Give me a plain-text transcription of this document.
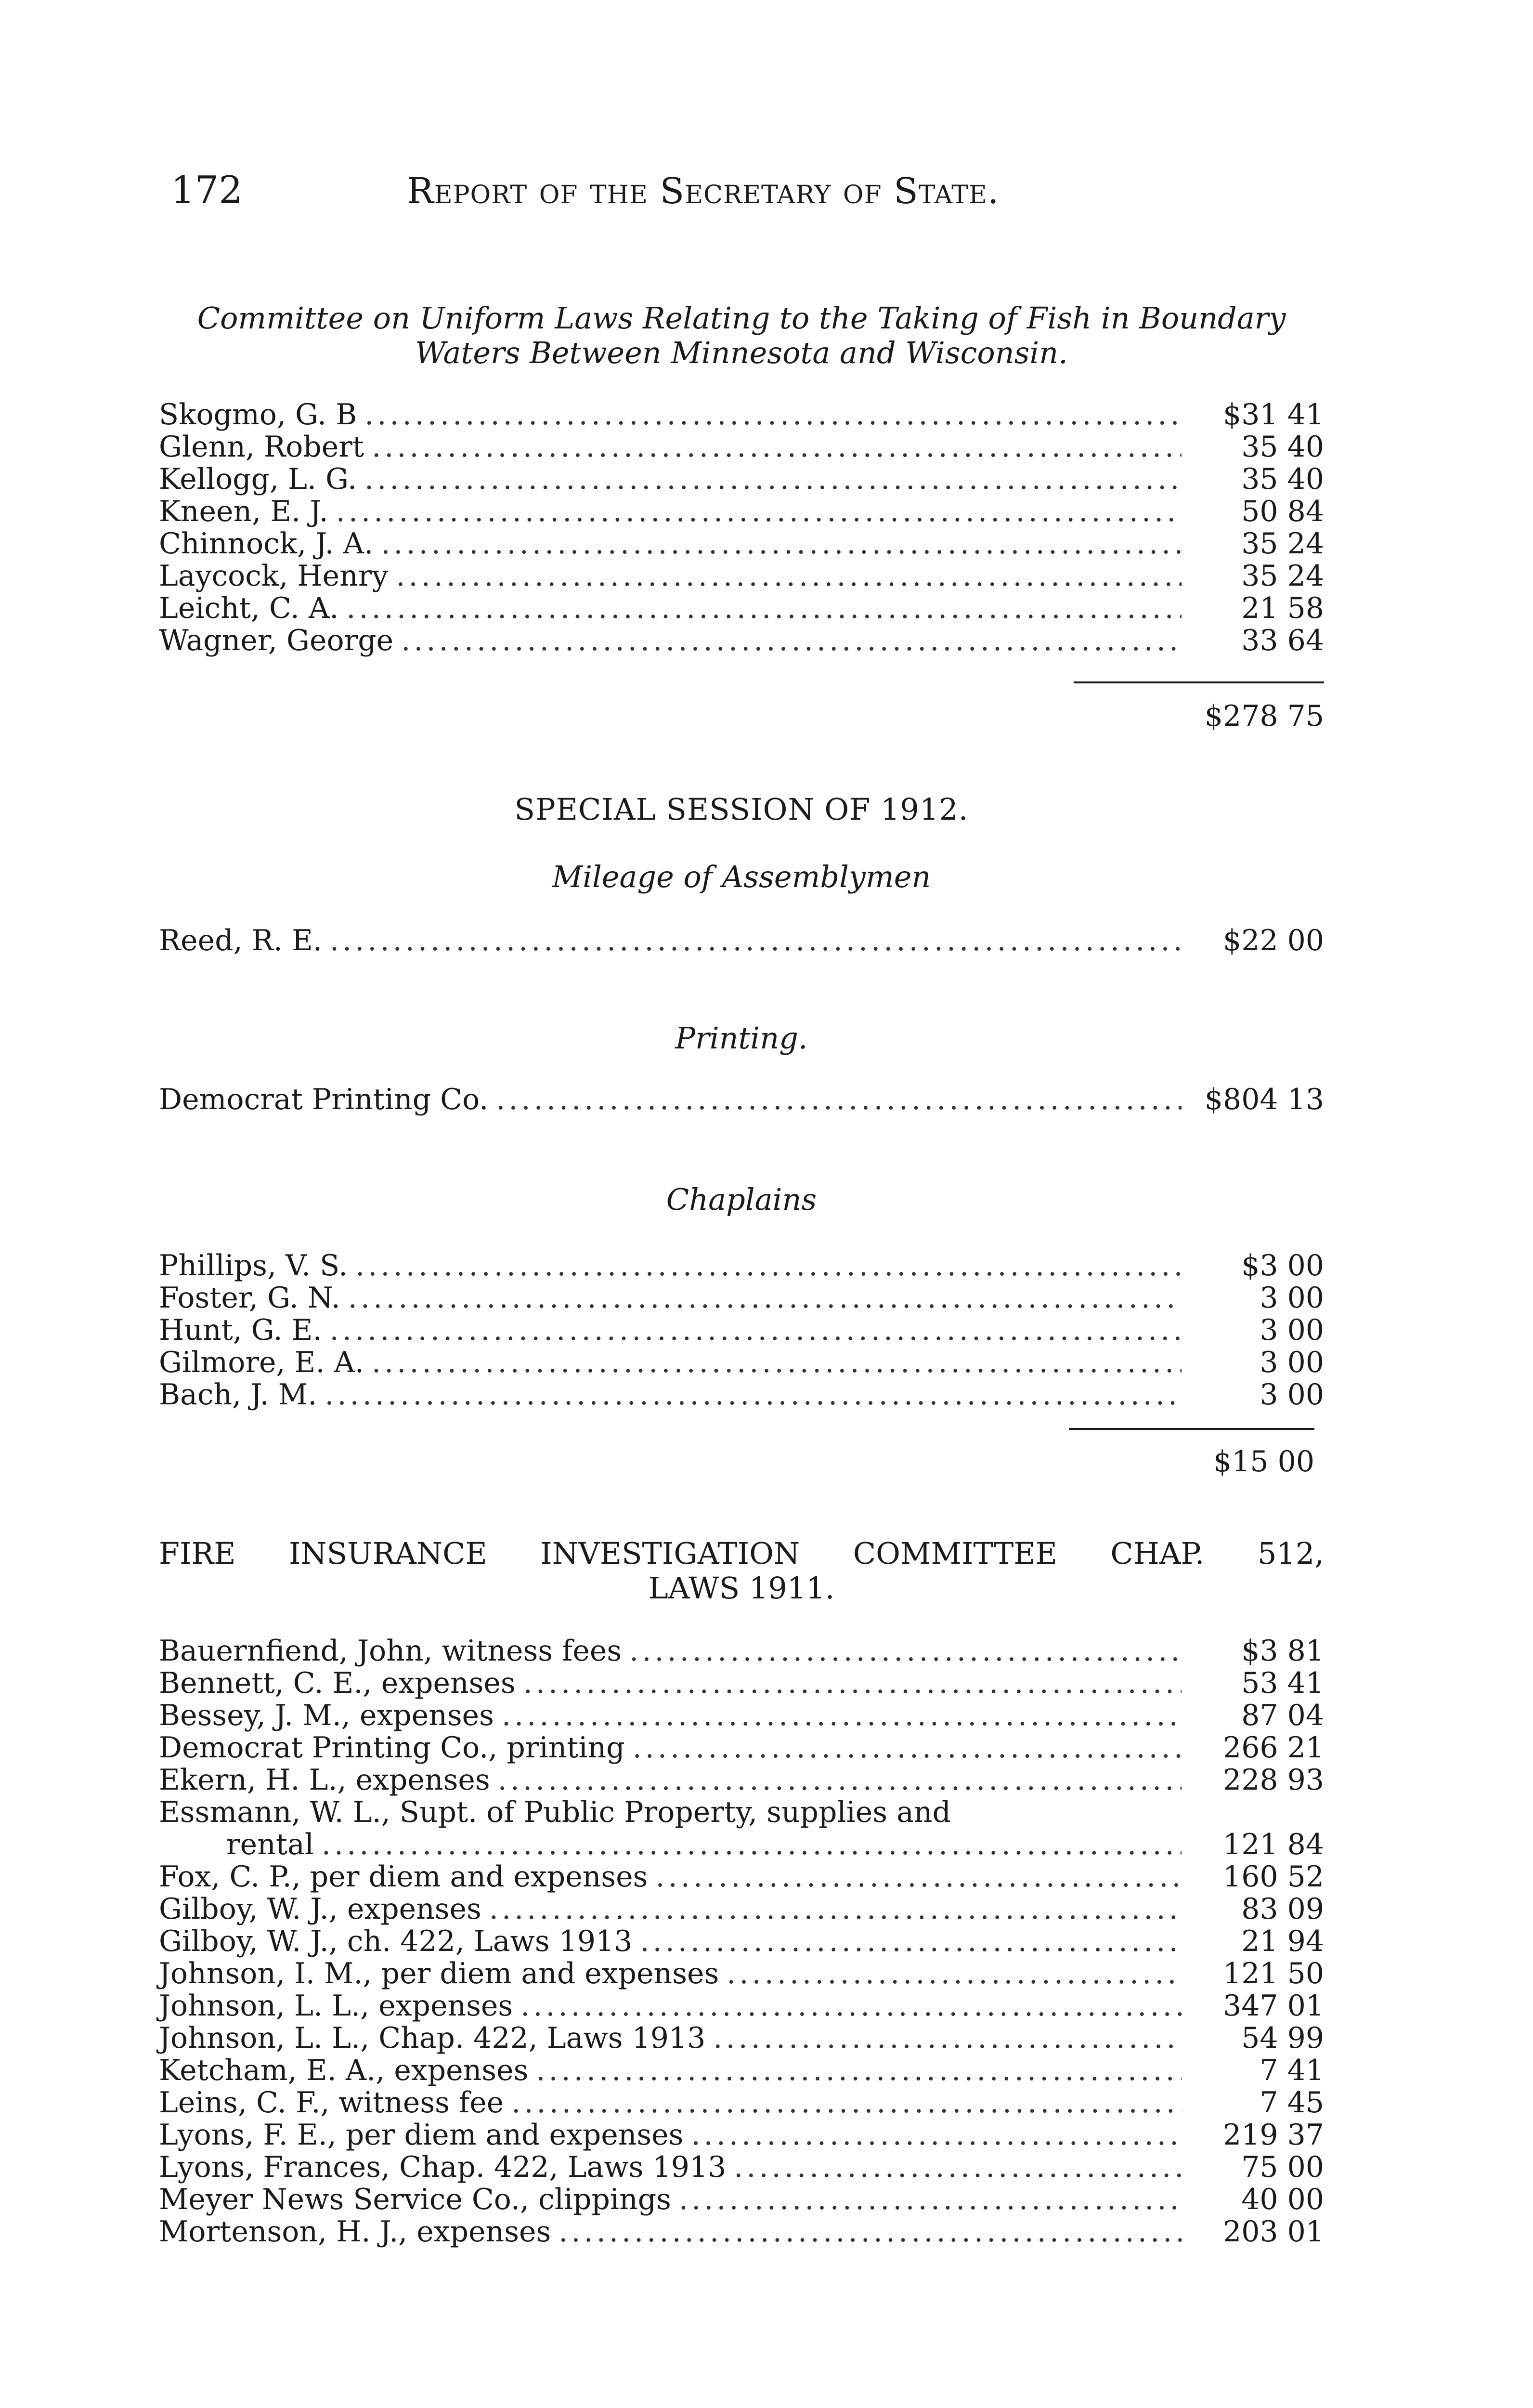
172	Report of the Secretary of State.
Committee on Uniform Laws Relating to the Taking of Fish in Boundary
Waters Between Minnesota and Wisconsin.
Skogmo, G. B . . .	$31 41
Glenn, Robert . . .	35 40
Kellogg, L. G. . . .	35 40
Kneen, E. J. . . .	50 84
Chinnock, J. A. . . .	35 24
Laycock, Henry . . .	35 24
Leicht, C. A. . . .	21 58
Wagner, George . . .	33 64
$278 75
SPECIAL SESSION OF 1912.
Mileage of Assemblymen
Reed, R. E. . . .	$22 00
Printing.
Democrat Printing Co. . . .	$804 13
Chaplains
Phillips, V. S. . . .	$3 00
Foster, G. N. . . .	3 00
Hunt, G. E. . . .	3 00
Gilmore, E. A. . . .	3 00
Bach, J. M. . . .	3 00
$15 00
FIRE INSURANCE INVESTIGATION COMMITTEE CHAP. 512,
LAWS 1911.
Bauernfiend, John, witness fees . . .	$3 81
Bennett, C. E., expenses . . .	53 41
Bessey, J. M., expenses . . .	87 04
Democrat Printing Co., printing . . .	266 21
Ekern, H. L., expenses . . .	228 93
Essmann, W. L., Supt. of Public Property, supplies and
rental . . .	121 84
Fox, C. P., per diem and expenses . . .	160 52
Gilboy, W. J., expenses . . .	83 09
Gilboy, W. J., ch. 422, Laws 1913 . . .	21 94
Johnson, I. M., per diem and expenses . . .	121 50
Johnson, L. L., expenses . . .	347 01
Johnson, L. L., Chap. 422, Laws 1913 . . .	54 99
Ketcham, E. A., expenses . . .	7 41
Leins, C. F., witness fee . . .	7 45
Lyons, F. E., per diem and expenses . . .	219 37
Lyons, Frances, Chap. 422, Laws 1913 . . .	75 00
Meyer News Service Co., clippings . . .	40 00
Mortenson, H. J., expenses . . .	203 01
